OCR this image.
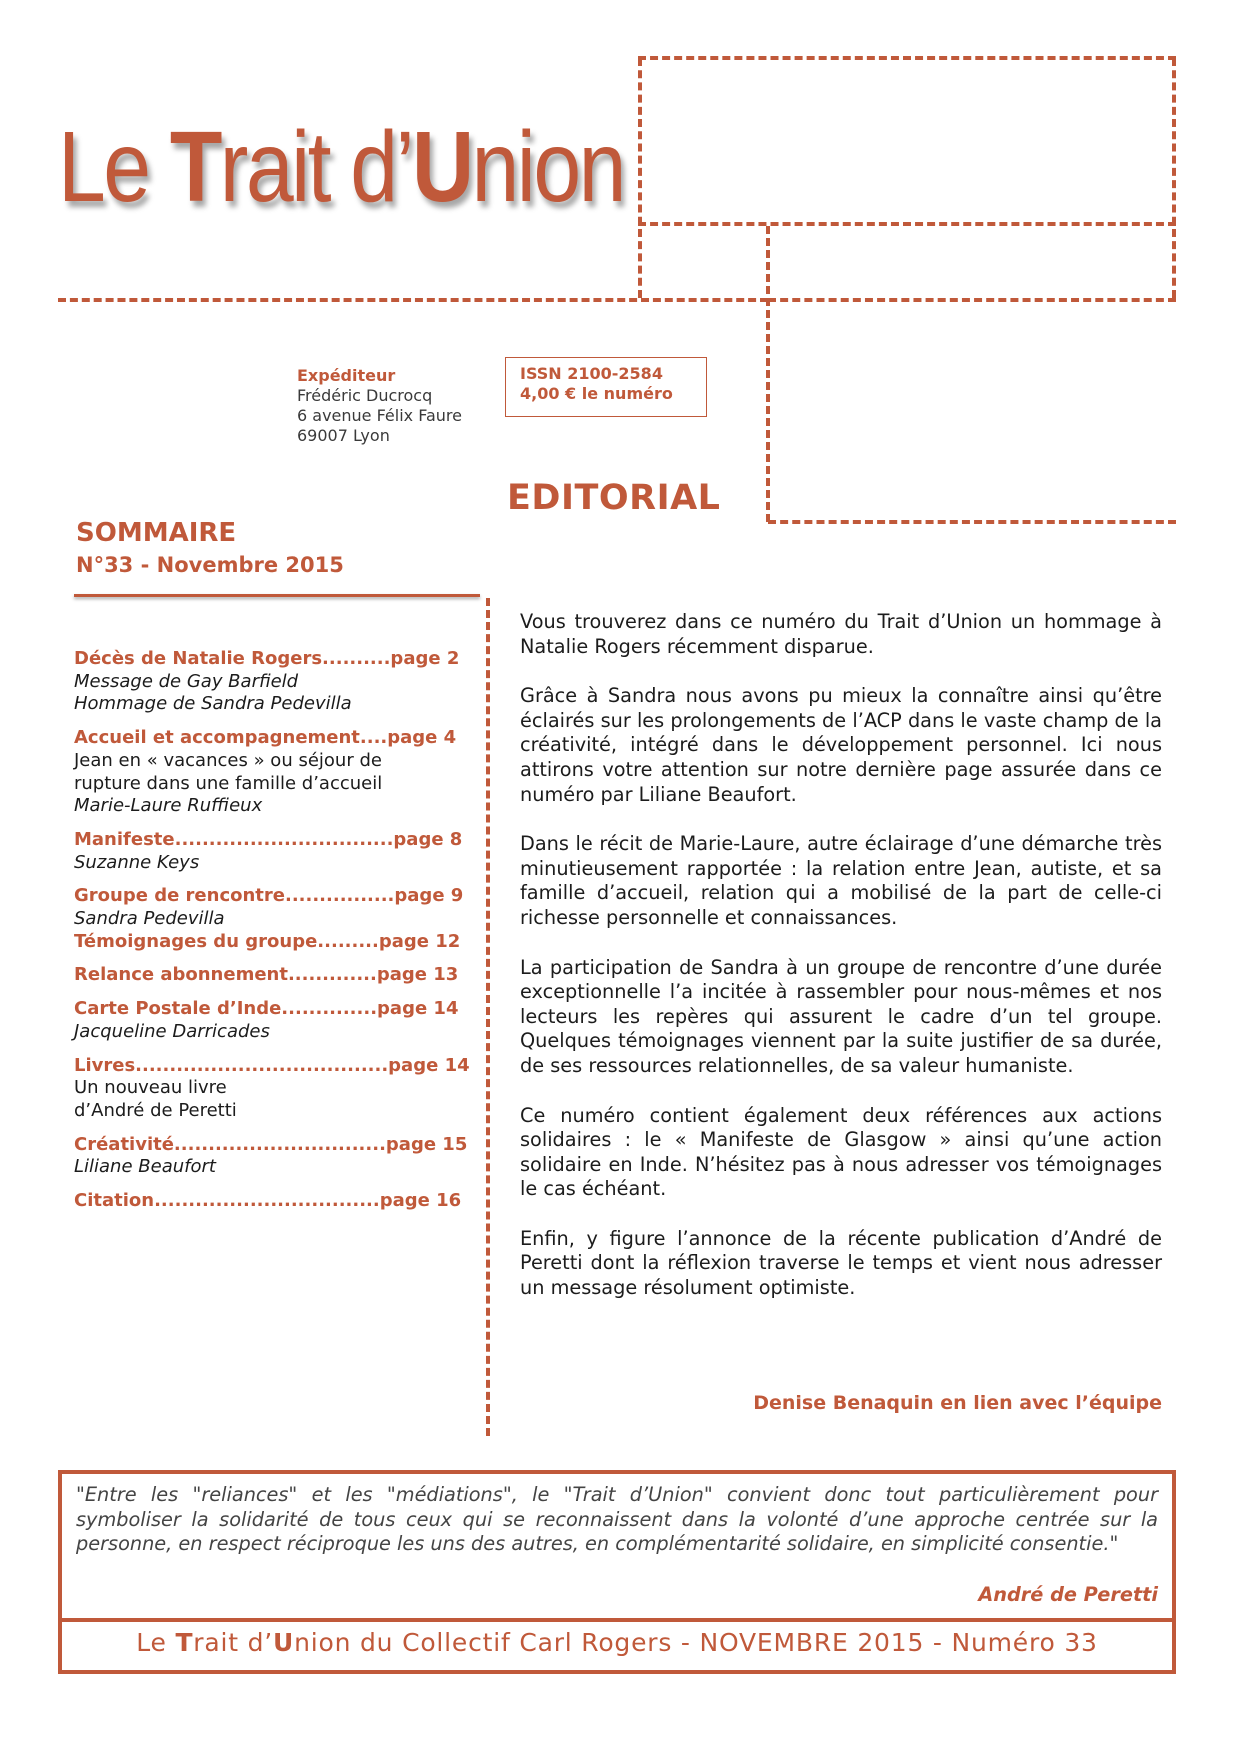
Le Trait d’Union
Expéditeur
Frédéric Ducrocq
6 avenue Félix Faure
69007 Lyon
ISSN 2100-2584
4,00 € le numéro
EDITORIAL
SOMMAIRE
N°33 - Novembre 2015
Décès de Natalie Rogers..........page 2
Message de Gay Barfield
Hommage de Sandra Pedevilla
Accueil et accompagnement....page 4
Jean en « vacances » ou séjour de
rupture dans une famille d’accueil
Marie-Laure Ruffieux
Manifeste................................page 8
Suzanne Keys
Groupe de rencontre................page 9
Sandra Pedevilla
Témoignages du groupe.........page 12
Relance abonnement.............page 13
Carte Postale d’Inde..............page 14
Jacqueline Darricades
Livres.....................................page 14
Un nouveau livre
d’André de Peretti
Créativité...............................page 15
Liliane Beaufort
Citation.................................page 16

Vous trouverez dans ce numéro du Trait d’Union un hommage à Natalie Rogers récemment disparue.

Grâce à Sandra nous avons pu mieux la connaître ainsi qu’être éclairés sur les prolongements de l’ACP dans le vaste champ de la créativité, intégré dans le développement personnel. Ici nous attirons votre attention sur notre dernière page assurée dans ce numéro par Liliane Beaufort.

Dans le récit de Marie-Laure, autre éclairage d’une démarche très minutieusement rapportée : la relation entre Jean, autiste, et sa famille d’accueil, relation qui a mobilisé de la part de celle-ci richesse personnelle et connaissances.

La participation de Sandra à un groupe de rencontre d’une durée exceptionnelle l’a incitée à rassembler pour nous-mêmes et nos lecteurs les repères qui assurent le cadre d’un tel groupe. Quelques témoignages viennent par la suite justifier de sa durée, de ses ressources relationnelles, de sa valeur humaniste.

Ce numéro contient également deux références aux actions solidaires : le « Manifeste de Glasgow » ainsi qu’une action solidaire en Inde. N’hésitez pas à nous adresser vos témoignages le cas échéant.

Enfin, y figure l’annonce de la récente publication d’André de Peretti dont la réflexion traverse le temps et vient nous adresser un message résolument optimiste.

Denise Benaquin en lien avec l’équipe
"Entre les "reliances" et les "médiations", le "Trait d’Union" convient donc tout particulièrement pour symboliser la solidarité de tous ceux qui se reconnaissent dans la volonté d’une approche centrée sur la personne, en respect réciproque les uns des autres, en complémentarité solidaire, en simplicité consentie."
André de Peretti
Le Trait d’Union du Collectif Carl Rogers - NOVEMBRE 2015 - Numéro 33
